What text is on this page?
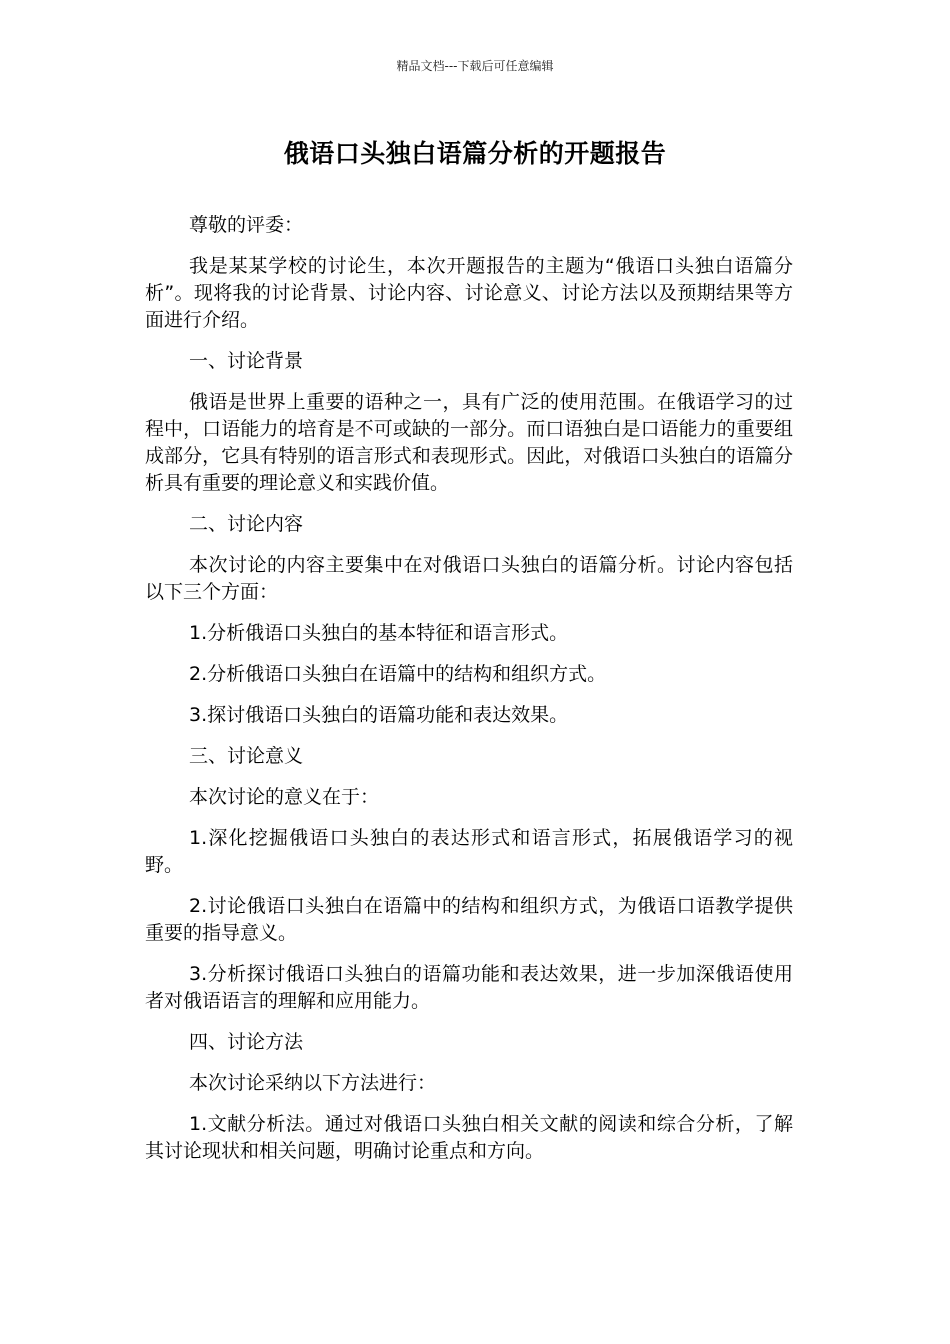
精品文档---下载后可任意编辑
俄语口头独白语篇分析的开题报告

尊敬的评委：

我是某某学校的讨论生，本次开题报告的主题为“俄语口头独白语篇分析”。现将我的讨论背景、讨论内容、讨论意义、讨论方法以及预期结果等方面进行介绍。

一、讨论背景

俄语是世界上重要的语种之一，具有广泛的使用范围。在俄语学习的过程中，口语能力的培育是不可或缺的一部分。而口语独白是口语能力的重要组成部分，它具有特别的语言形式和表现形式。因此，对俄语口头独白的语篇分析具有重要的理论意义和实践价值。

二、讨论内容

本次讨论的内容主要集中在对俄语口头独白的语篇分析。讨论内容包括以下三个方面：

1.分析俄语口头独白的基本特征和语言形式。

2.分析俄语口头独白在语篇中的结构和组织方式。

3.探讨俄语口头独白的语篇功能和表达效果。

三、讨论意义

本次讨论的意义在于：

1.深化挖掘俄语口头独白的表达形式和语言形式，拓展俄语学习的视野。

2.讨论俄语口头独白在语篇中的结构和组织方式，为俄语口语教学提供重要的指导意义。

3.分析探讨俄语口头独白的语篇功能和表达效果，进一步加深俄语使用者对俄语语言的理解和应用能力。

四、讨论方法

本次讨论采纳以下方法进行：

1.文献分析法。通过对俄语口头独白相关文献的阅读和综合分析，了解其讨论现状和相关问题，明确讨论重点和方向。
